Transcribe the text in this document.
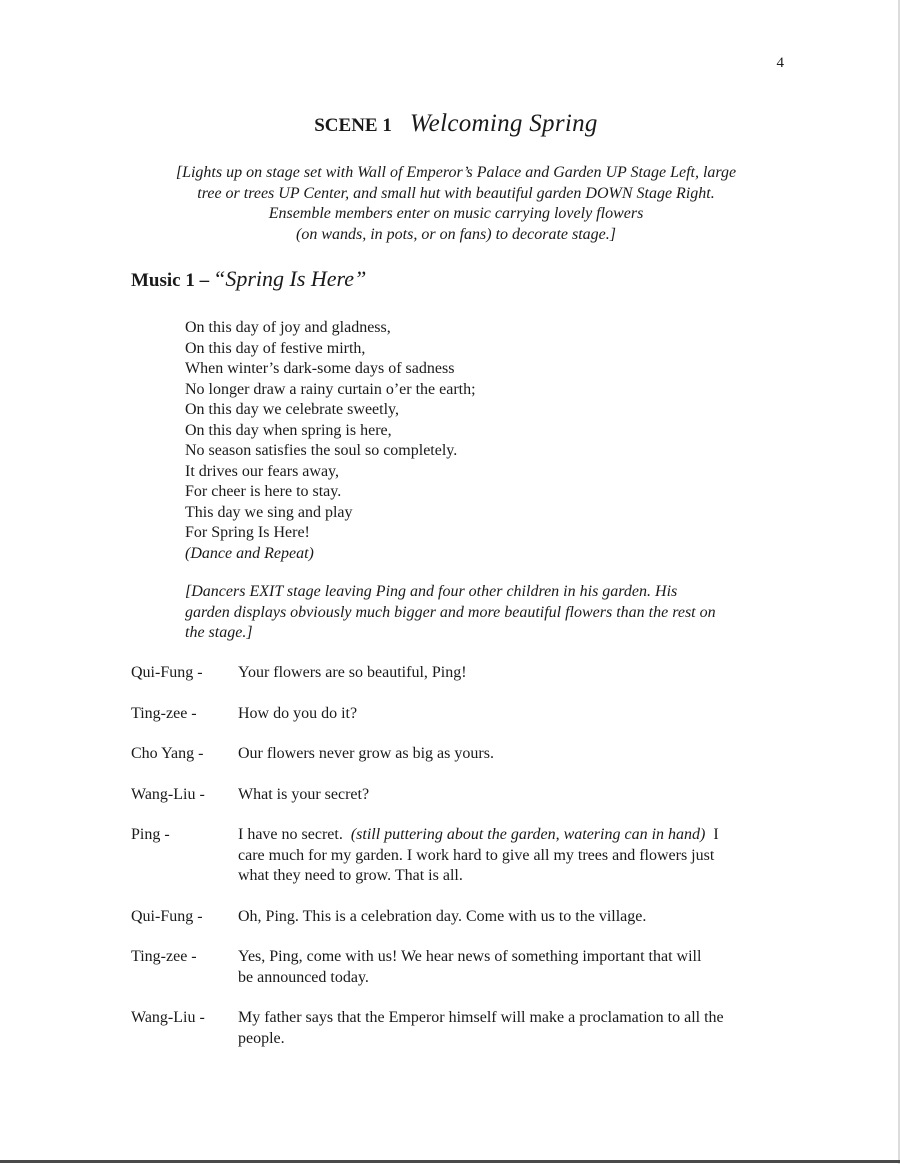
4
SCENE 1 Welcoming Spring
[Lights up on stage set with Wall of Emperor’s Palace and Garden UP Stage Left, large
tree or trees UP Center, and small hut with beautiful garden DOWN Stage Right.
Ensemble members enter on music carrying lovely flowers
(on wands, in pots, or on fans) to decorate stage.]
Music 1 – “Spring Is Here”
On this day of joy and gladness,
On this day of festive mirth,
When winter’s dark-some days of sadness
No longer draw a rainy curtain o’er the earth;
On this day we celebrate sweetly,
On this day when spring is here,
No season satisfies the soul so completely.
It drives our fears away,
For cheer is here to stay.
This day we sing and play
For Spring Is Here!
(Dance and Repeat)
[Dancers EXIT stage leaving Ping and four other children in his garden. His
garden displays obviously much bigger and more beautiful flowers than the rest on
the stage.]
Qui-Fung -	Your flowers are so beautiful, Ping!
Ting-zee -	How do you do it?
Cho Yang -	Our flowers never grow as big as yours.
Wang-Liu -	What is your secret?
Ping -	I have no secret. (still puttering about the garden, watering can in hand) I
care much for my garden. I work hard to give all my trees and flowers just
what they need to grow. That is all.
Qui-Fung -	Oh, Ping. This is a celebration day. Come with us to the village.
Ting-zee -	Yes, Ping, come with us! We hear news of something important that will
be announced today.
Wang-Liu -	My father says that the Emperor himself will make a proclamation to all the
people.
